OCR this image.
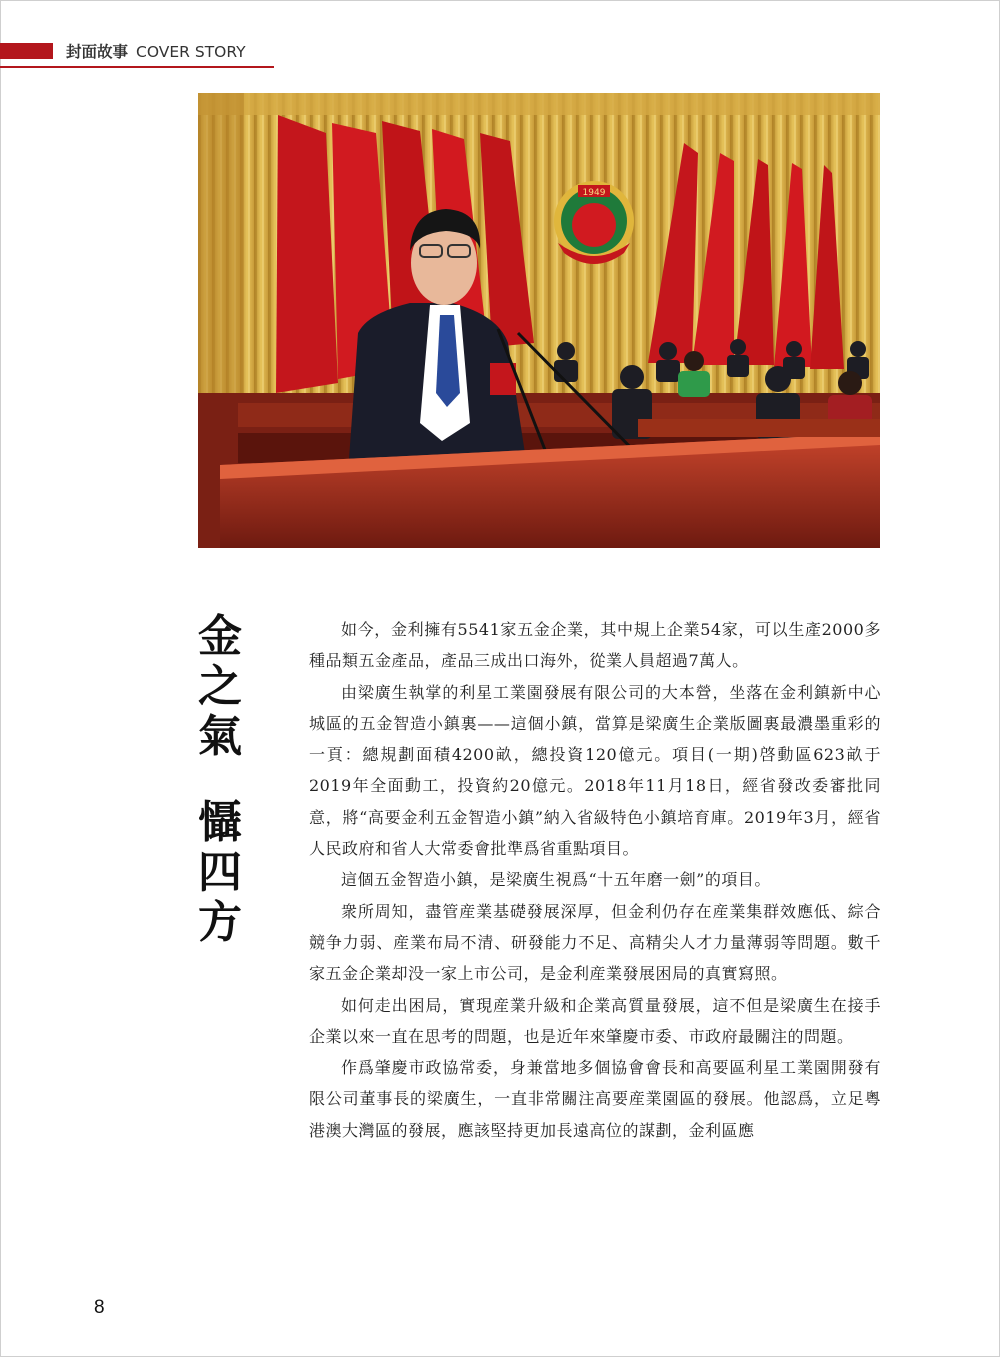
封面故事 COVER STORY
1949
金
之
氣
懾
四
方

如今，金利擁有5541家五金企業，其中規上企業54家，可以生產2000多種品類五金產品，產品三成出口海外，從業人員超過7萬人。

由梁廣生執掌的利星工業園發展有限公司的大本營，坐落在金利鎮新中心城區的五金智造小鎮裏——這個小鎮，當算是梁廣生企業版圖裏最濃墨重彩的一頁：總規劃面積4200畝，總投資120億元。項目(一期)啓動區623畝于2019年全面動工，投資約20億元。2018年11月18日，經省發改委審批同意，將“高要金利五金智造小鎮”納入省級特色小鎮培育庫。2019年3月，經省人民政府和省人大常委會批準爲省重點項目。

這個五金智造小鎮，是梁廣生視爲“十五年磨一劍”的項目。

衆所周知，盡管産業基礎發展深厚，但金利仍存在産業集群效應低、綜合競争力弱、産業布局不清、研發能力不足、高精尖人才力量薄弱等問題。數千家五金企業却没一家上市公司，是金利産業發展困局的真實寫照。

如何走出困局，實現産業升級和企業高質量發展，這不但是梁廣生在接手企業以來一直在思考的問題，也是近年來肇慶市委、市政府最關注的問題。

作爲肇慶市政協常委，身兼當地多個協會會長和高要區利星工業園開發有限公司董事長的梁廣生，一直非常關注高要産業園區的發展。他認爲，立足粵港澳大灣區的發展，應該堅持更加長遠高位的謀劃，金利區應

8
